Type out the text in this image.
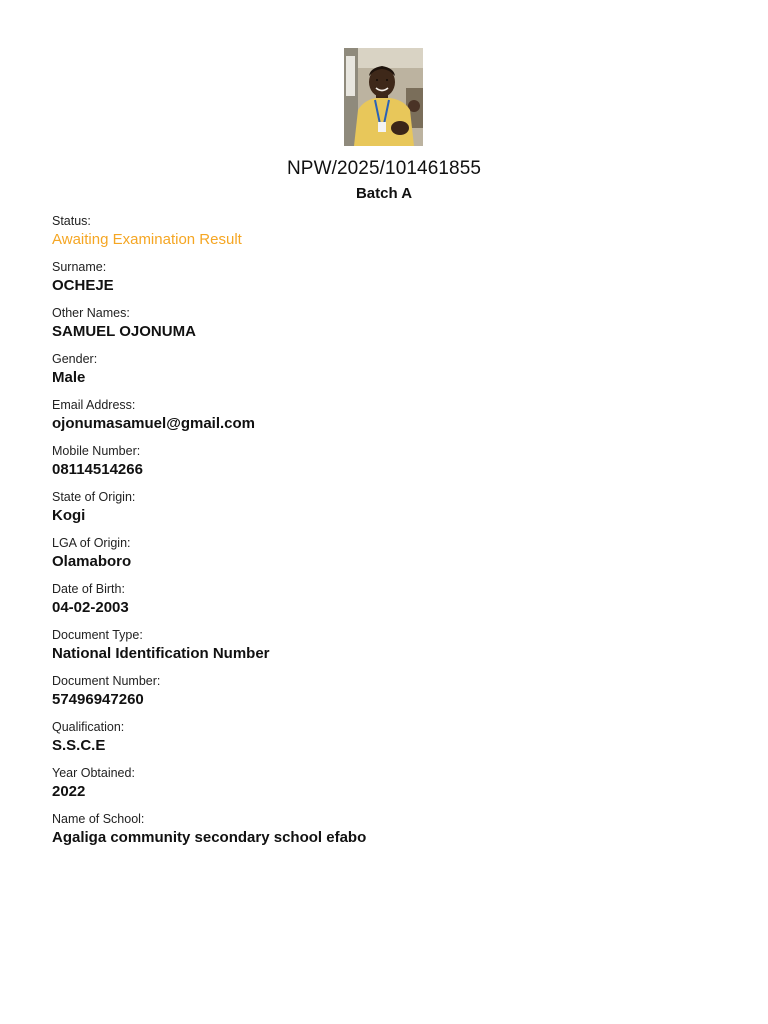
NPW/2025/101461855
Batch A
Status:
Awaiting Examination Result
Surname:
OCHEJE
Other Names:
SAMUEL OJONUMA
Gender:
Male
Email Address:
ojonumasamuel@gmail.com
Mobile Number:
08114514266
State of Origin:
Kogi
LGA of Origin:
Olamaboro
Date of Birth:
04-02-2003
Document Type:
National Identification Number
Document Number:
57496947260
Qualification:
S.S.C.E
Year Obtained:
2022
Name of School:
Agaliga community secondary school efabo
